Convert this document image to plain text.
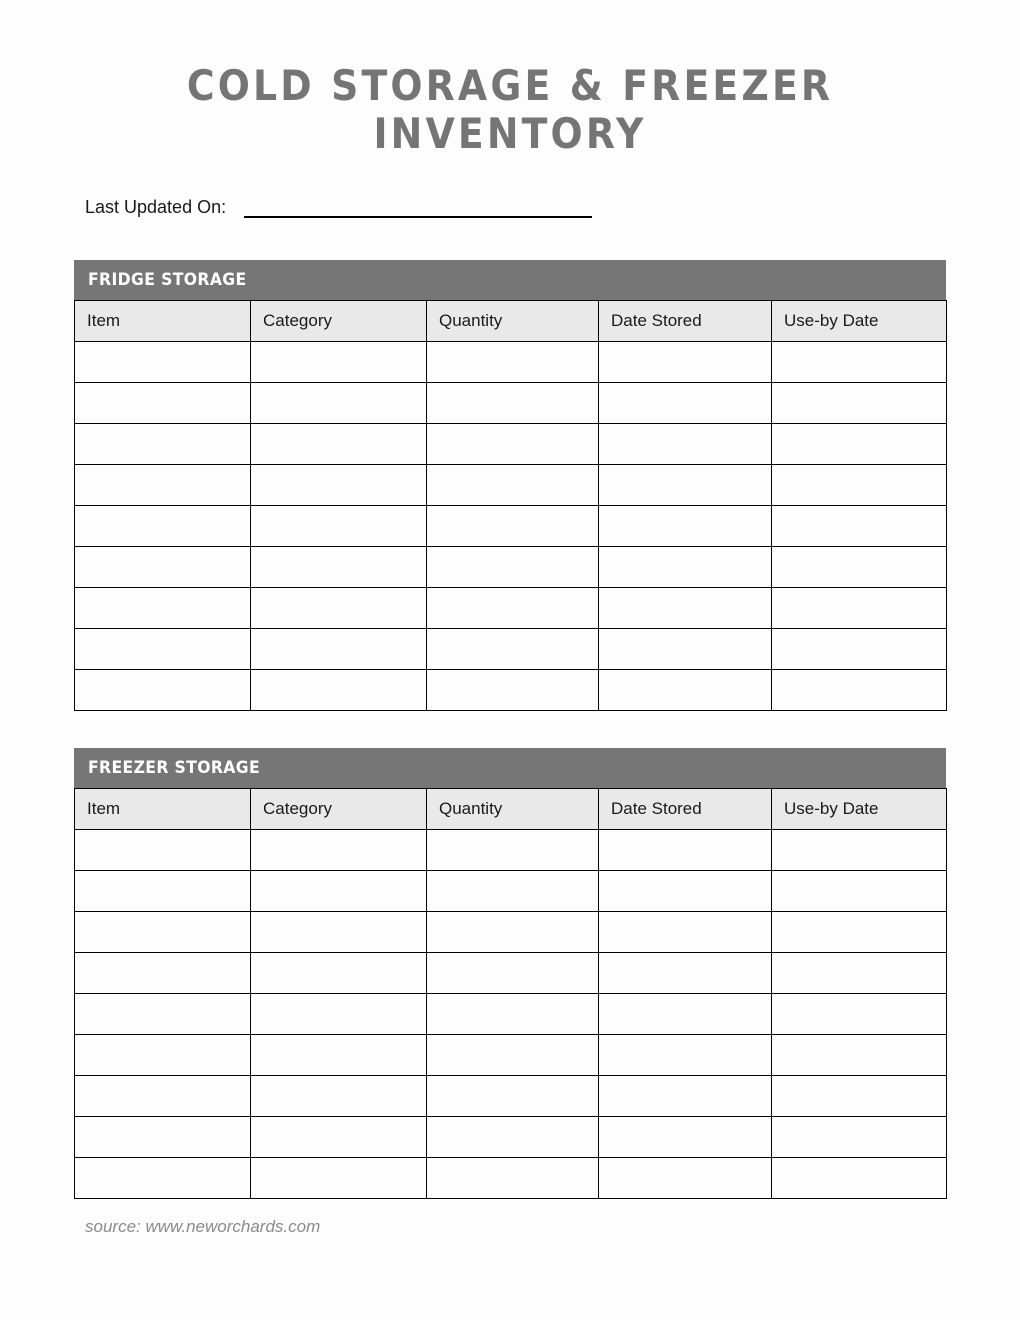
COLD STORAGE & FREEZER
INVENTORY
Last Updated On:
FRIDGE STORAGE
Item	Category	Quantity	Date Stored	Use-by Date

FREEZER STORAGE
Item	Category	Quantity	Date Stored	Use-by Date

source: www.neworchards.com
